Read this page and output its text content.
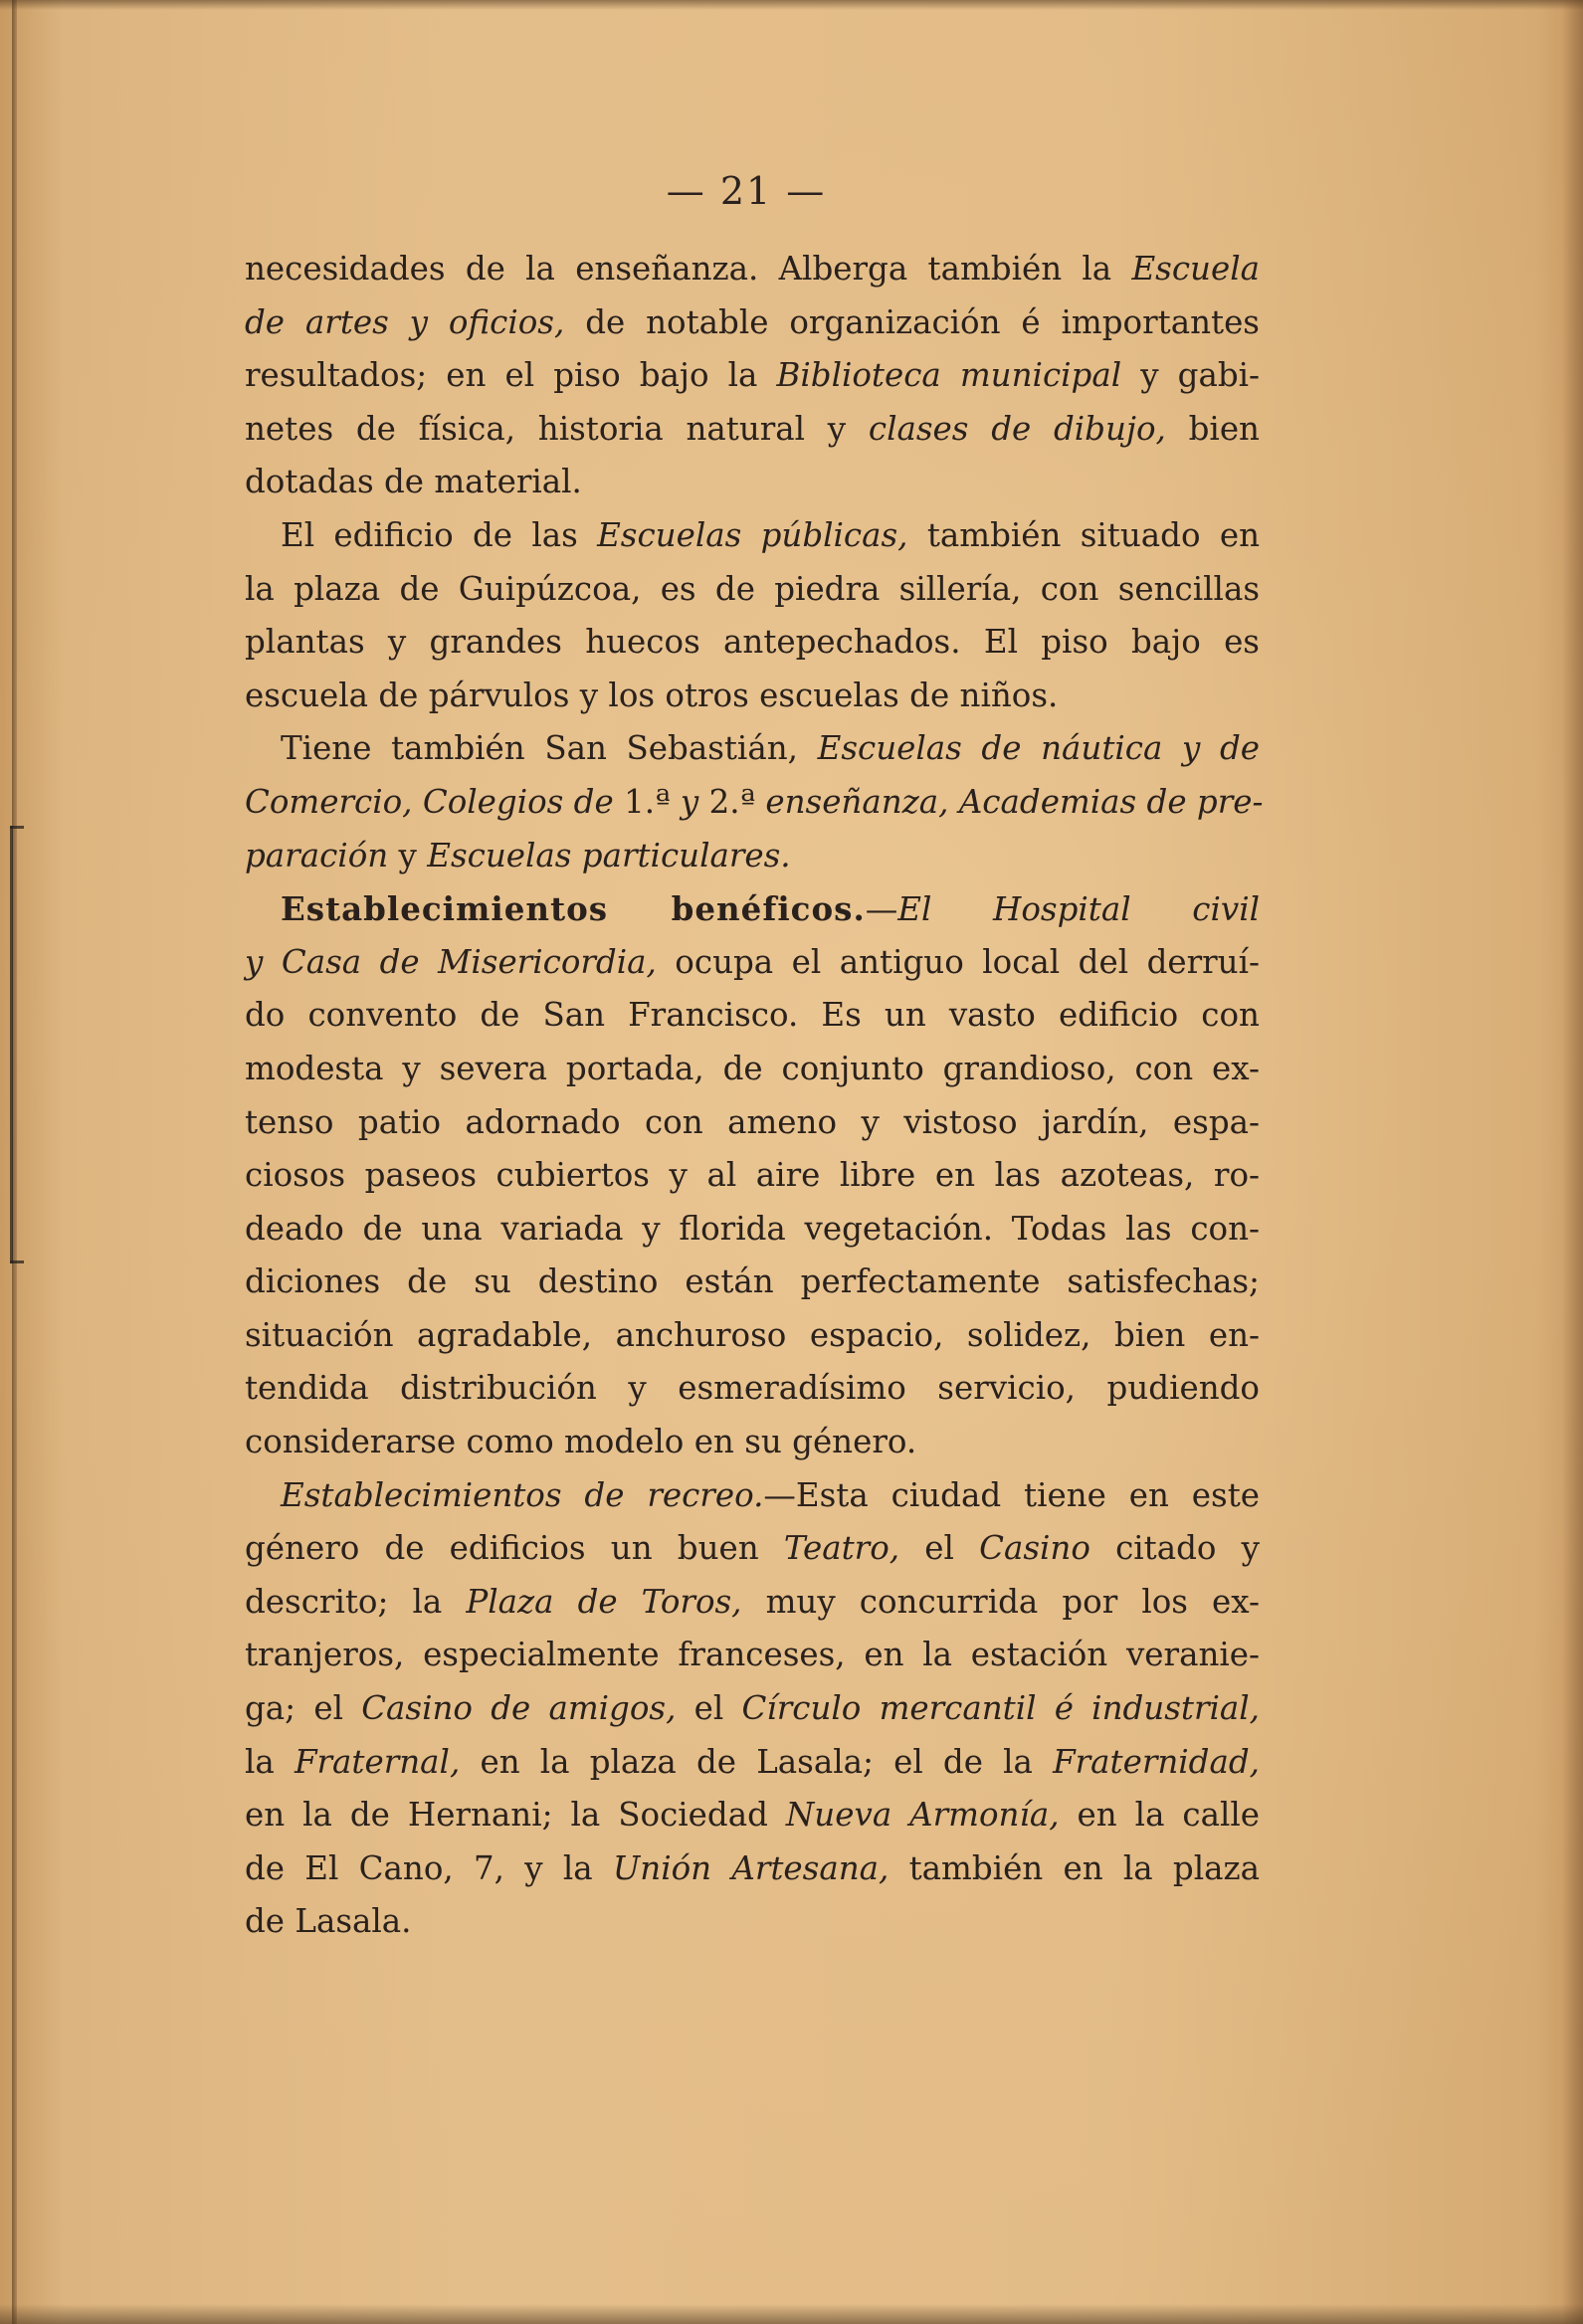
— 21 —
necesidades de la enseñanza. Alberga también la Escuela
de artes y oficios, de notable organización é importantes
resultados; en el piso bajo la Biblioteca municipal y gabi-
netes de física, historia natural y clases de dibujo, bien
dotadas de material.
El edificio de las Escuelas públicas, también situado en
la plaza de Guipúzcoa, es de piedra sillería, con sencillas
plantas y grandes huecos antepechados. El piso bajo es
escuela de párvulos y los otros escuelas de niños.
Tiene también San Sebastián, Escuelas de náutica y de
Comercio, Colegios de 1.ª y 2.ª enseñanza, Academias de pre-
paración y Escuelas particulares.
Establecimientos benéficos.—El Hospital civil
y Casa de Misericordia, ocupa el antiguo local del derruí-
do convento de San Francisco. Es un vasto edificio con
modesta y severa portada, de conjunto grandioso, con ex-
tenso patio adornado con ameno y vistoso jardín, espa-
ciosos paseos cubiertos y al aire libre en las azoteas, ro-
deado de una variada y florida vegetación. Todas las con-
diciones de su destino están perfectamente satisfechas;
situación agradable, anchuroso espacio, solidez, bien en-
tendida distribución y esmeradísimo servicio, pudiendo
considerarse como modelo en su género.
Establecimientos de recreo.—Esta ciudad tiene en este
género de edificios un buen Teatro, el Casino citado y
descrito; la Plaza de Toros, muy concurrida por los ex-
tranjeros, especialmente franceses, en la estación veranie-
ga; el Casino de amigos, el Círculo mercantil é industrial,
la Fraternal, en la plaza de Lasala; el de la Fraternidad,
en la de Hernani; la Sociedad Nueva Armonía, en la calle
de El Cano, 7, y la Unión Artesana, también en la plaza
de Lasala.
